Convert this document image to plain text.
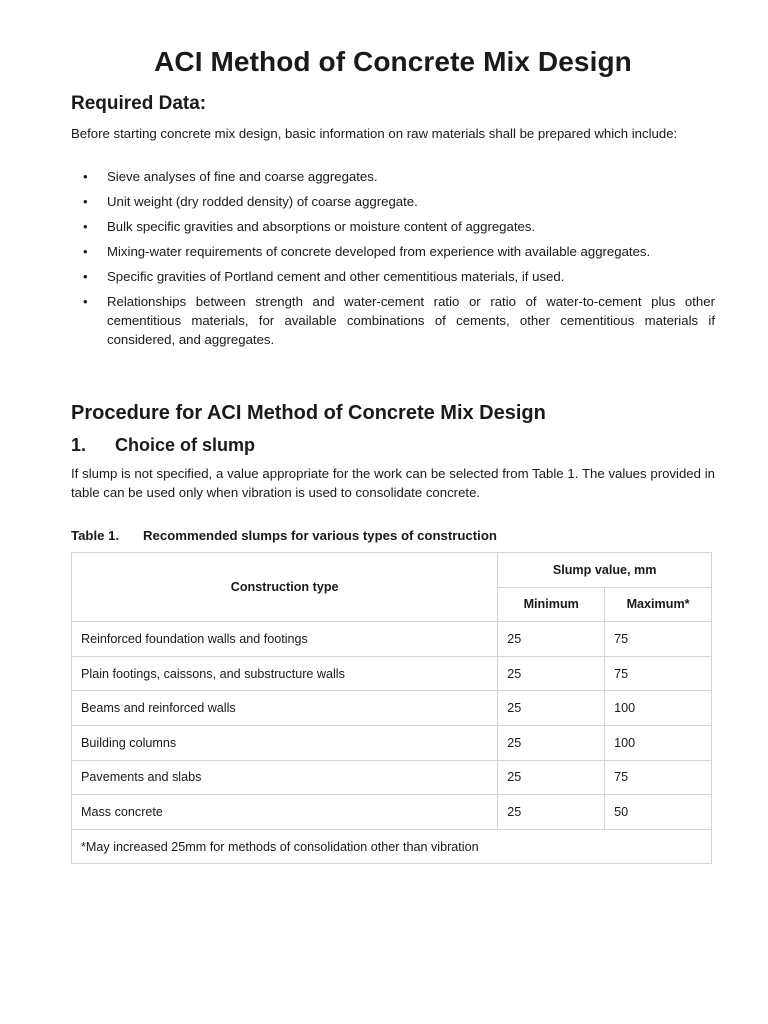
ACI Method of Concrete Mix Design
Required Data:

Before starting concrete mix design, basic information on raw materials shall be prepared which include:

• Sieve analyses of fine and coarse aggregates.
• Unit weight (dry rodded density) of coarse aggregate.
• Bulk specific gravities and absorptions or moisture content of aggregates.
• Mixing-water requirements of concrete developed from experience with available aggregates.
• Specific gravities of Portland cement and other cementitious materials, if used.
• Relationships between strength and water-cement ratio or ratio of water-to-cement plus other cementitious materials, for available combinations of cements, other cementitious materials if considered, and aggregates.
Procedure for ACI Method of Concrete Mix Design
1. Choice of slump

If slump is not specified, a value appropriate for the work can be selected from Table 1. The values provided in table can be used only when vibration is used to consolidate concrete.

Table 1. Recommended slumps for various types of construction

Construction type	Slump value, mm	
	Minimum	Maximum*
Reinforced foundation walls and footings	25	75
Plain footings, caissons, and substructure walls	25	75
Beams and reinforced walls	25	100
Building columns	25	100
Pavements and slabs	25	75
Mass concrete	25	50
*May increased 25mm for methods of consolidation other than vibration		
